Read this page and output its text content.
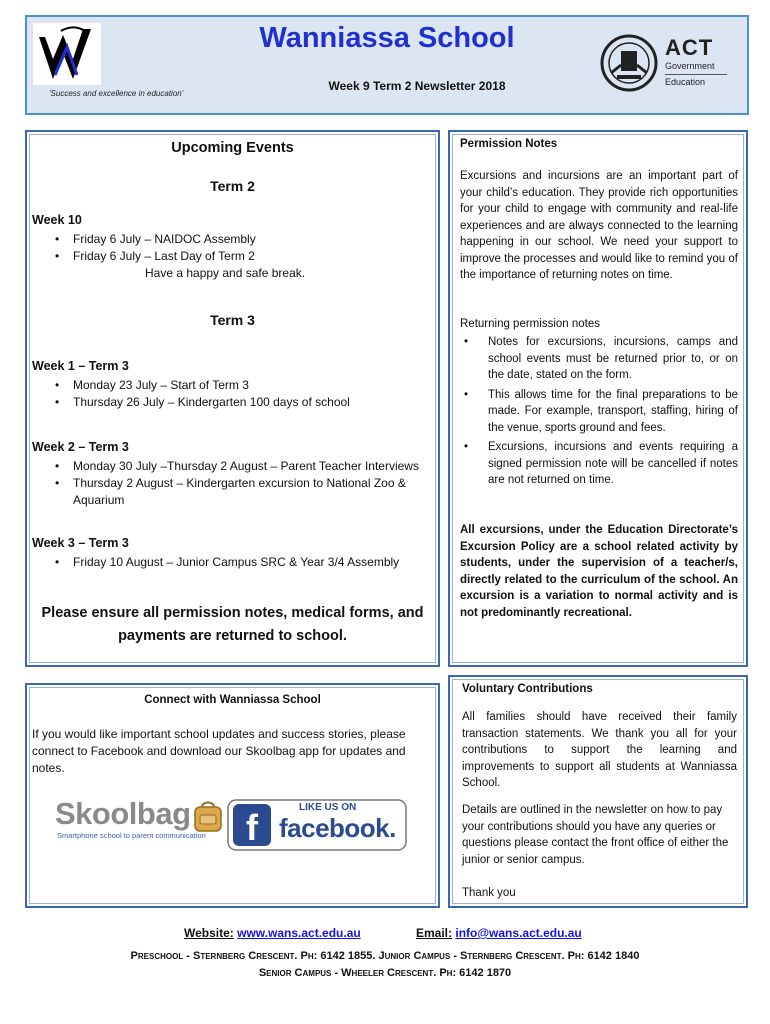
'Success and excellence in education'
Wanniassa School
Week 9 Term 2 Newsletter 2018
ACT
Government
Education
Upcoming Events
Term 2
Week 10
• Friday 6 July – NAIDOC Assembly
• Friday 6 July – Last Day of Term 2
Have a happy and safe break.
Term 3
Week 1 – Term 3
• Monday 23 July – Start of Term 3
• Thursday 26 July – Kindergarten 100 days of school
Week 2 – Term 3
• Monday 30 July –Thursday 2 August – Parent Teacher Interviews
• Thursday 2 August – Kindergarten excursion to National Zoo & Aquarium
Week 3 – Term 3
• Friday 10 August – Junior Campus SRC & Year 3/4 Assembly
Please ensure all permission notes, medical forms, and payments are returned to school.
Permission Notes
Excursions and incursions are an important part of your child’s education. They provide rich opportunities for your child to engage with community and real-life experiences and are always connected to the learning happening in our school. We need your support to improve the processes and would like to remind you of the importance of returning notes on time.
Returning permission notes
• Notes for excursions, incursions, camps and school events must be returned prior to, or on the date, stated on the form.
• This allows time for the final preparations to be made. For example, transport, staffing, hiring of the venue, sports ground and fees.
• Excursions, incursions and events requiring a signed permission note will be cancelled if notes are not returned on time.
All excursions, under the Education Directorate’s Excursion Policy are a school related activity by students, under the supervision of a teacher/s, directly related to the curriculum of the school. An excursion is a variation to normal activity and is not predominantly recreational.
Connect with Wanniassa School
If you would like important school updates and success stories, please connect to Facebook and download our Skoolbag app for updates and notes.
Skoolbag
Smartphone school to parent communication	f	LIKE US ON
facebook.
Voluntary Contributions
All families should have received their family transaction statements. We thank you all for your contributions to support the learning and improvements to support all students at Wanniassa School.
Details are outlined in the newsletter on how to pay your contributions should you have any queries or questions please contact the front office of either the junior or senior campus.
Thank you
Website: www.wans.act.edu.au	Email: info@wans.act.edu.au
Preschool - Sternberg Crescent. Ph: 6142 1855. Junior Campus - Sternberg Crescent. Ph: 6142 1840
Senior Campus - Wheeler Crescent. Ph: 6142 1870
